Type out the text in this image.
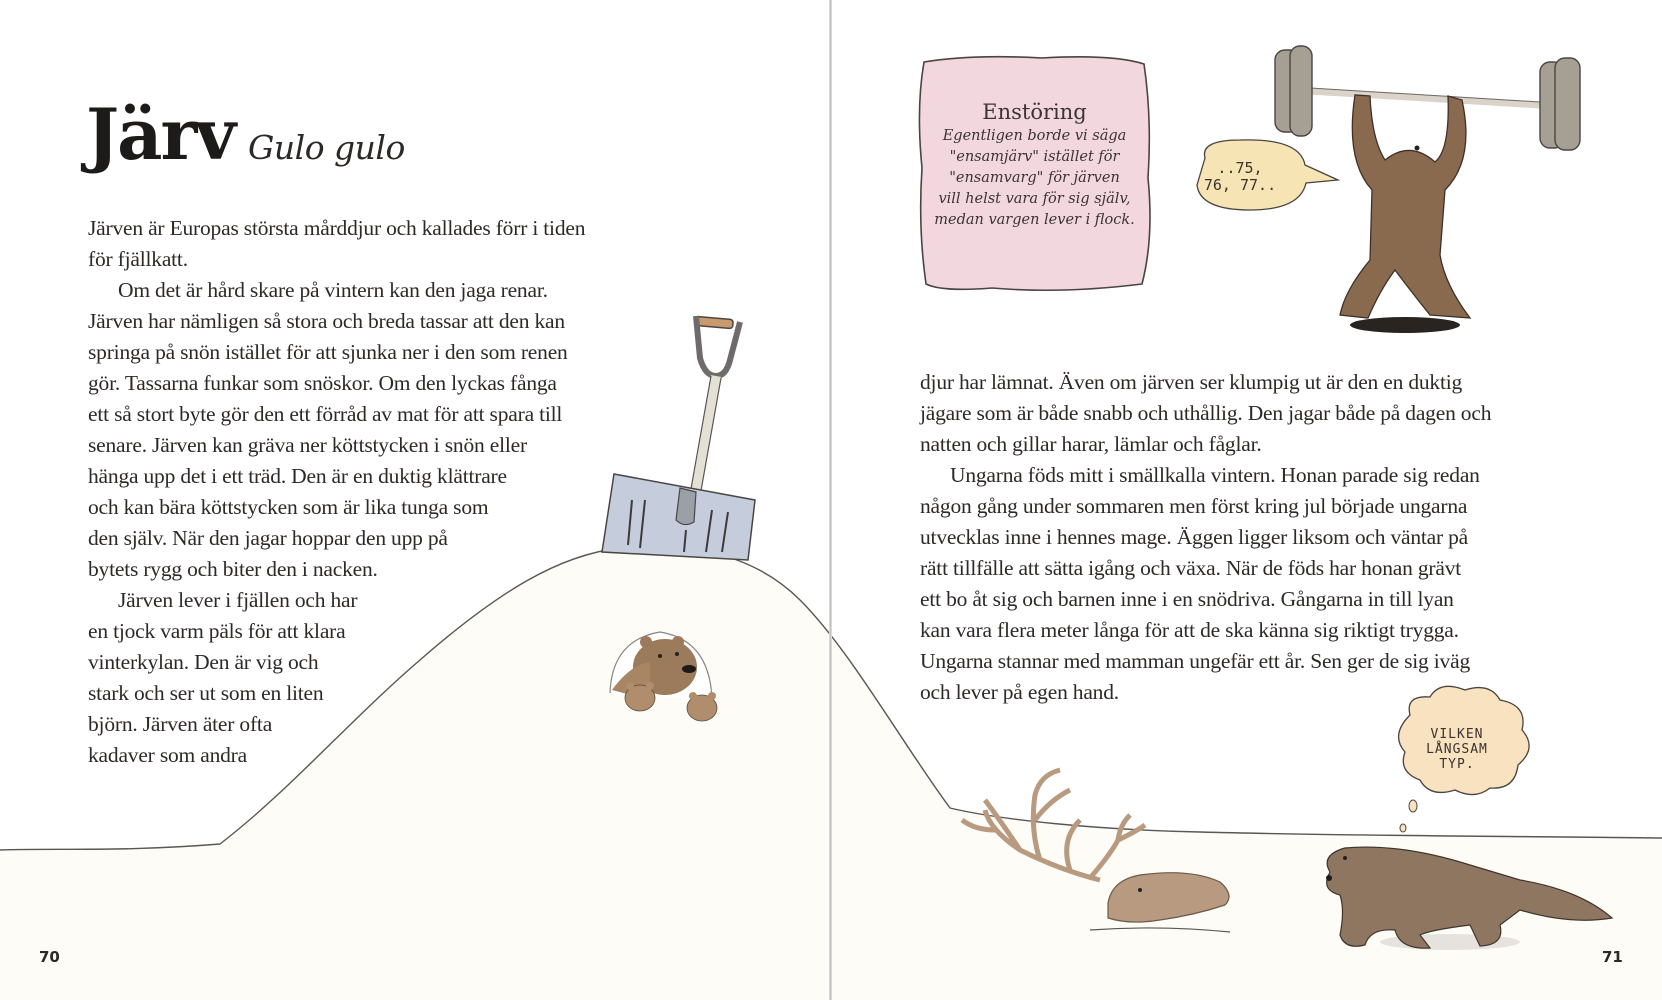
Järv Gulo gulo

Järven är Europas största mårddjur och kallades förr i tiden

för fjällkatt.

Om det är hård skare på vintern kan den jaga renar.

Järven har nämligen så stora och breda tassar att den kan

springa på snön istället för att sjunka ner i den som renen

gör. Tassarna funkar som snöskor. Om den lyckas fånga

ett så stort byte gör den ett förråd av mat för att spara till

senare. Järven kan gräva ner köttstycken i snön eller

hänga upp det i ett träd. Den är en duktig klättrare

och kan bära köttstycken som är lika tunga som

den själv. När den jagar hoppar den upp på

bytets rygg och biter den i nacken.

Järven lever i fjällen och har

en tjock varm päls för att klara

vinterkylan. Den är vig och

stark och ser ut som en liten

björn. Järven äter ofta

kadaver som andra

70
Enstöring
Egentligen borde vi säga
"ensamjärv" istället för
"ensamvarg" för järven
vill helst vara för sig själv,
medan vargen lever i flock.
..75,
76, 77..
VILKEN
LÅNGSAM
TYP.

djur har lämnat. Även om järven ser klumpig ut är den en duktig

jägare som är både snabb och uthållig. Den jagar både på dagen och

natten och gillar harar, lämlar och fåglar.

Ungarna föds mitt i smällkalla vintern. Honan parade sig redan

någon gång under sommaren men först kring jul började ungarna

utvecklas inne i hennes mage. Äggen ligger liksom och väntar på

rätt tillfälle att sätta igång och växa. När de föds har honan grävt

ett bo åt sig och barnen inne i en snödriva. Gångarna in till lyan

kan vara flera meter långa för att de ska känna sig riktigt trygga.

Ungarna stannar med mamman ungefär ett år. Sen ger de sig iväg

och lever på egen hand.

71
